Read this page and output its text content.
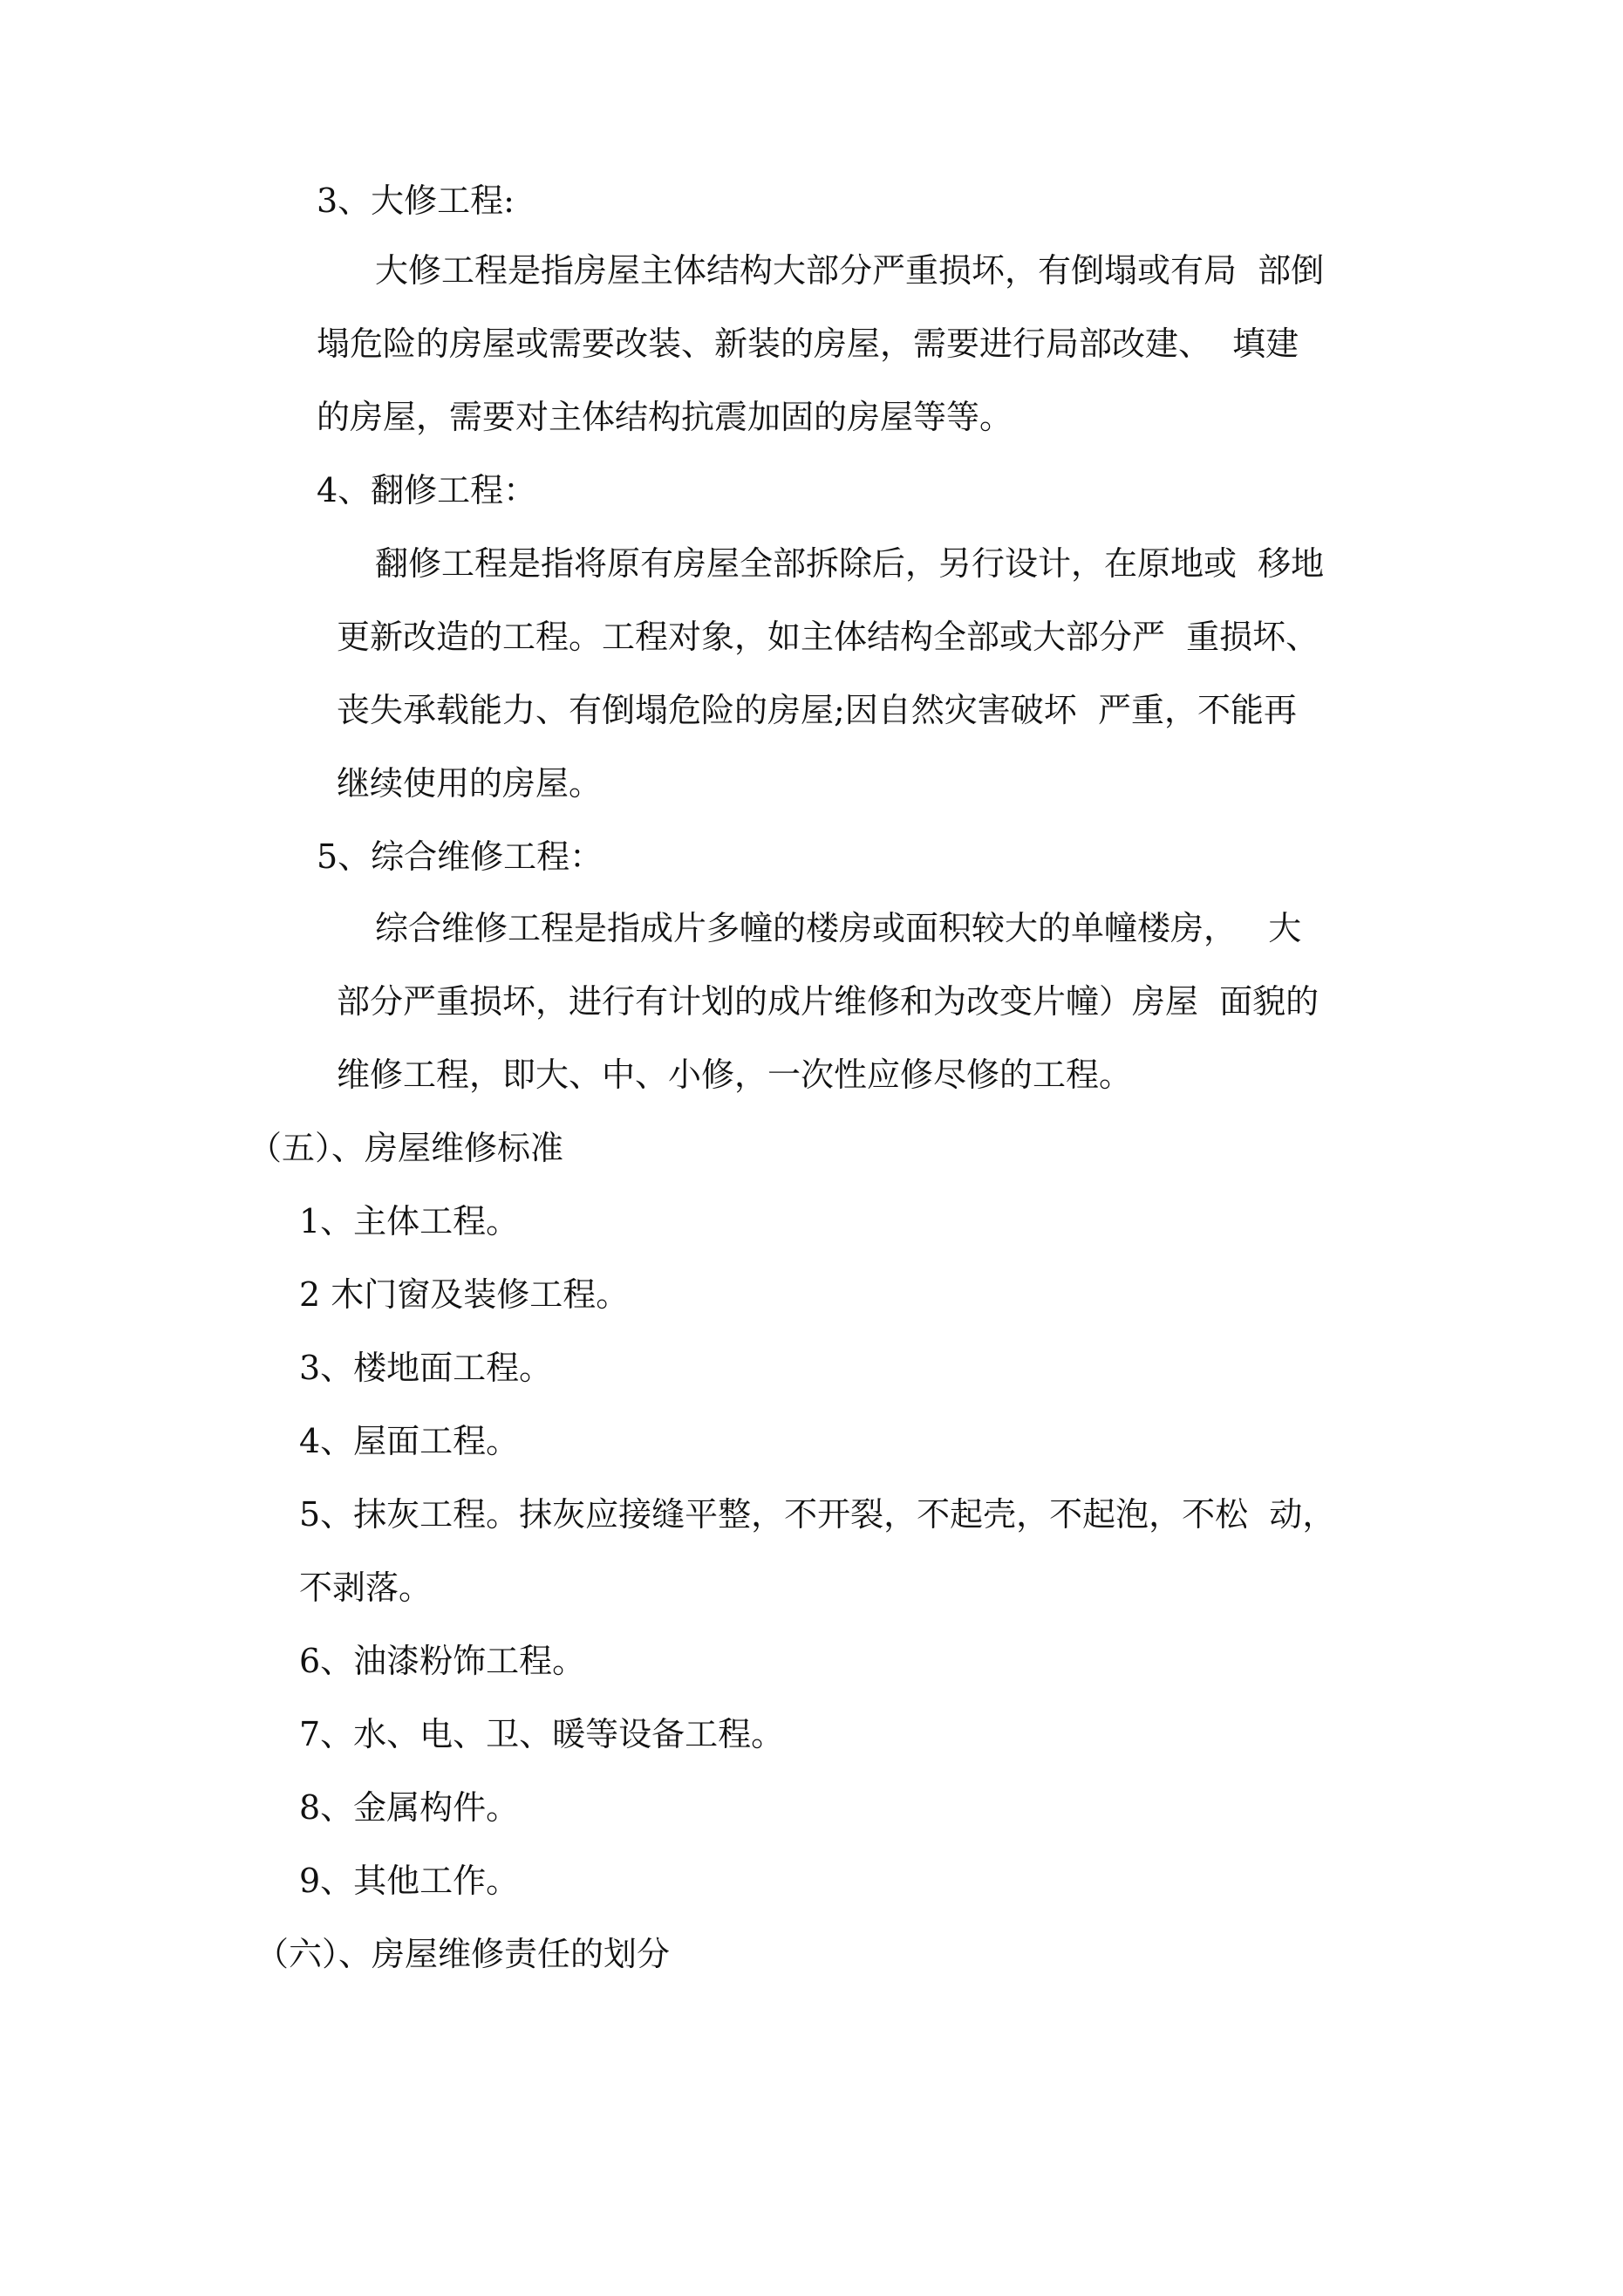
3、大修工程:

大修工程是指房屋主体结构大部分严重损坏，有倒塌或有局  部倒

塌危险的房屋或需要改装、新装的房屋，需要进行局部改建、  填建

的房屋，需要对主体结构抗震加固的房屋等等。

4、翻修工程：

翻修工程是指将原有房屋全部拆除后，另行设计，在原地或  移地

更新改造的工程。工程对象，如主体结构全部或大部分严  重损坏、

丧失承载能力、有倒塌危险的房屋;因自然灾害破坏  严重，不能再

继续使用的房屋。

5、综合维修工程：

综合维修工程是指成片多幢的楼房或面积较大的单幢楼房，   大

部分严重损坏，进行有计划的成片维修和为改变片幢）房屋  面貌的

维修工程，即大、中、小修，一次性应修尽修的工程。

（五）、房屋维修标准

1、主体工程。

2 木门窗及装修工程。

3、楼地面工程。

4、屋面工程。

5、抹灰工程。抹灰应接缝平整，不开裂，不起壳，不起泡，不松  动，

不剥落。

6、油漆粉饰工程。

7、水、电、卫、暖等设备工程。

8、金属构件。

9、其他工作。

（六）、房屋维修责任的划分
